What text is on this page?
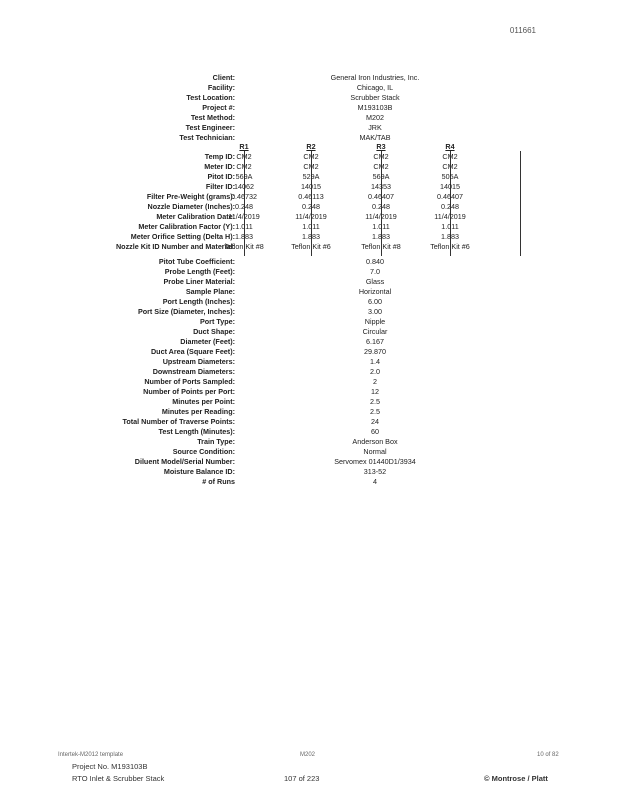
011661
Client:	General Iron Industries, Inc.
Facility:	Chicago, IL
Test Location:	Scrubber Stack
Project #:	M193103B
Test Method:	M202
Test Engineer:	JRK
Test Technician:	MAK/TAB
R1	R2	R3	R4
Temp ID: CM2	CM2	CM2	CM2
Meter ID: CM2	CM2	CM2	CM2
Pitot ID: 569A	529A	569A	505A
Filter ID: 14062	14015	14353	14015
Filter Pre-Weight (grams):
0.46732	0.46113	0.46407	0.46407
Nozzle Diameter (Inches): 0.248	0.248	0.248	0.248
Meter Calibration Date:
11/4/2019	11/4/2019	11/4/2019	11/4/2019
Meter Calibration Factor (Y): 1.011	1.011	1.011	1.011
Meter Orifice Setting (Delta H): 1.883	1.883	1.883	1.883
Nozzle Kit ID Number and Material:
Teflon Kit #8	Teflon Kit #6	Teflon Kit #8	Teflon Kit #6
Pitot Tube Coefficient:	0.840
Probe Length (Feet):	7.0
Probe Liner Material:	Glass
Sample Plane:	Horizontal
Port Length (Inches):	6.00
Port Size (Diameter, Inches):	3.00
Port Type:	Nipple
Duct Shape:	Circular
Diameter (Feet):	6.167
Duct Area (Square Feet):	29.870
Upstream Diameters:	1.4
Downstream Diameters:	2.0
Number of Ports Sampled:	2
Number of Points per Port:	12
Minutes per Point:	2.5
Minutes per Reading:	2.5
Total Number of Traverse Points:	24
Test Length (Minutes):	60
Train Type:	Anderson Box
Source Condition:	Normal
Diluent Model/Serial Number:	Servomex 01440D1/3934
Moisture Balance ID:	313-52
# of Runs	4
Intertek-M2012 template	M202	10 of 82
Project No. M193103B
RTO Inlet & Scrubber Stack	107 of 223	© Montrose / Platt
